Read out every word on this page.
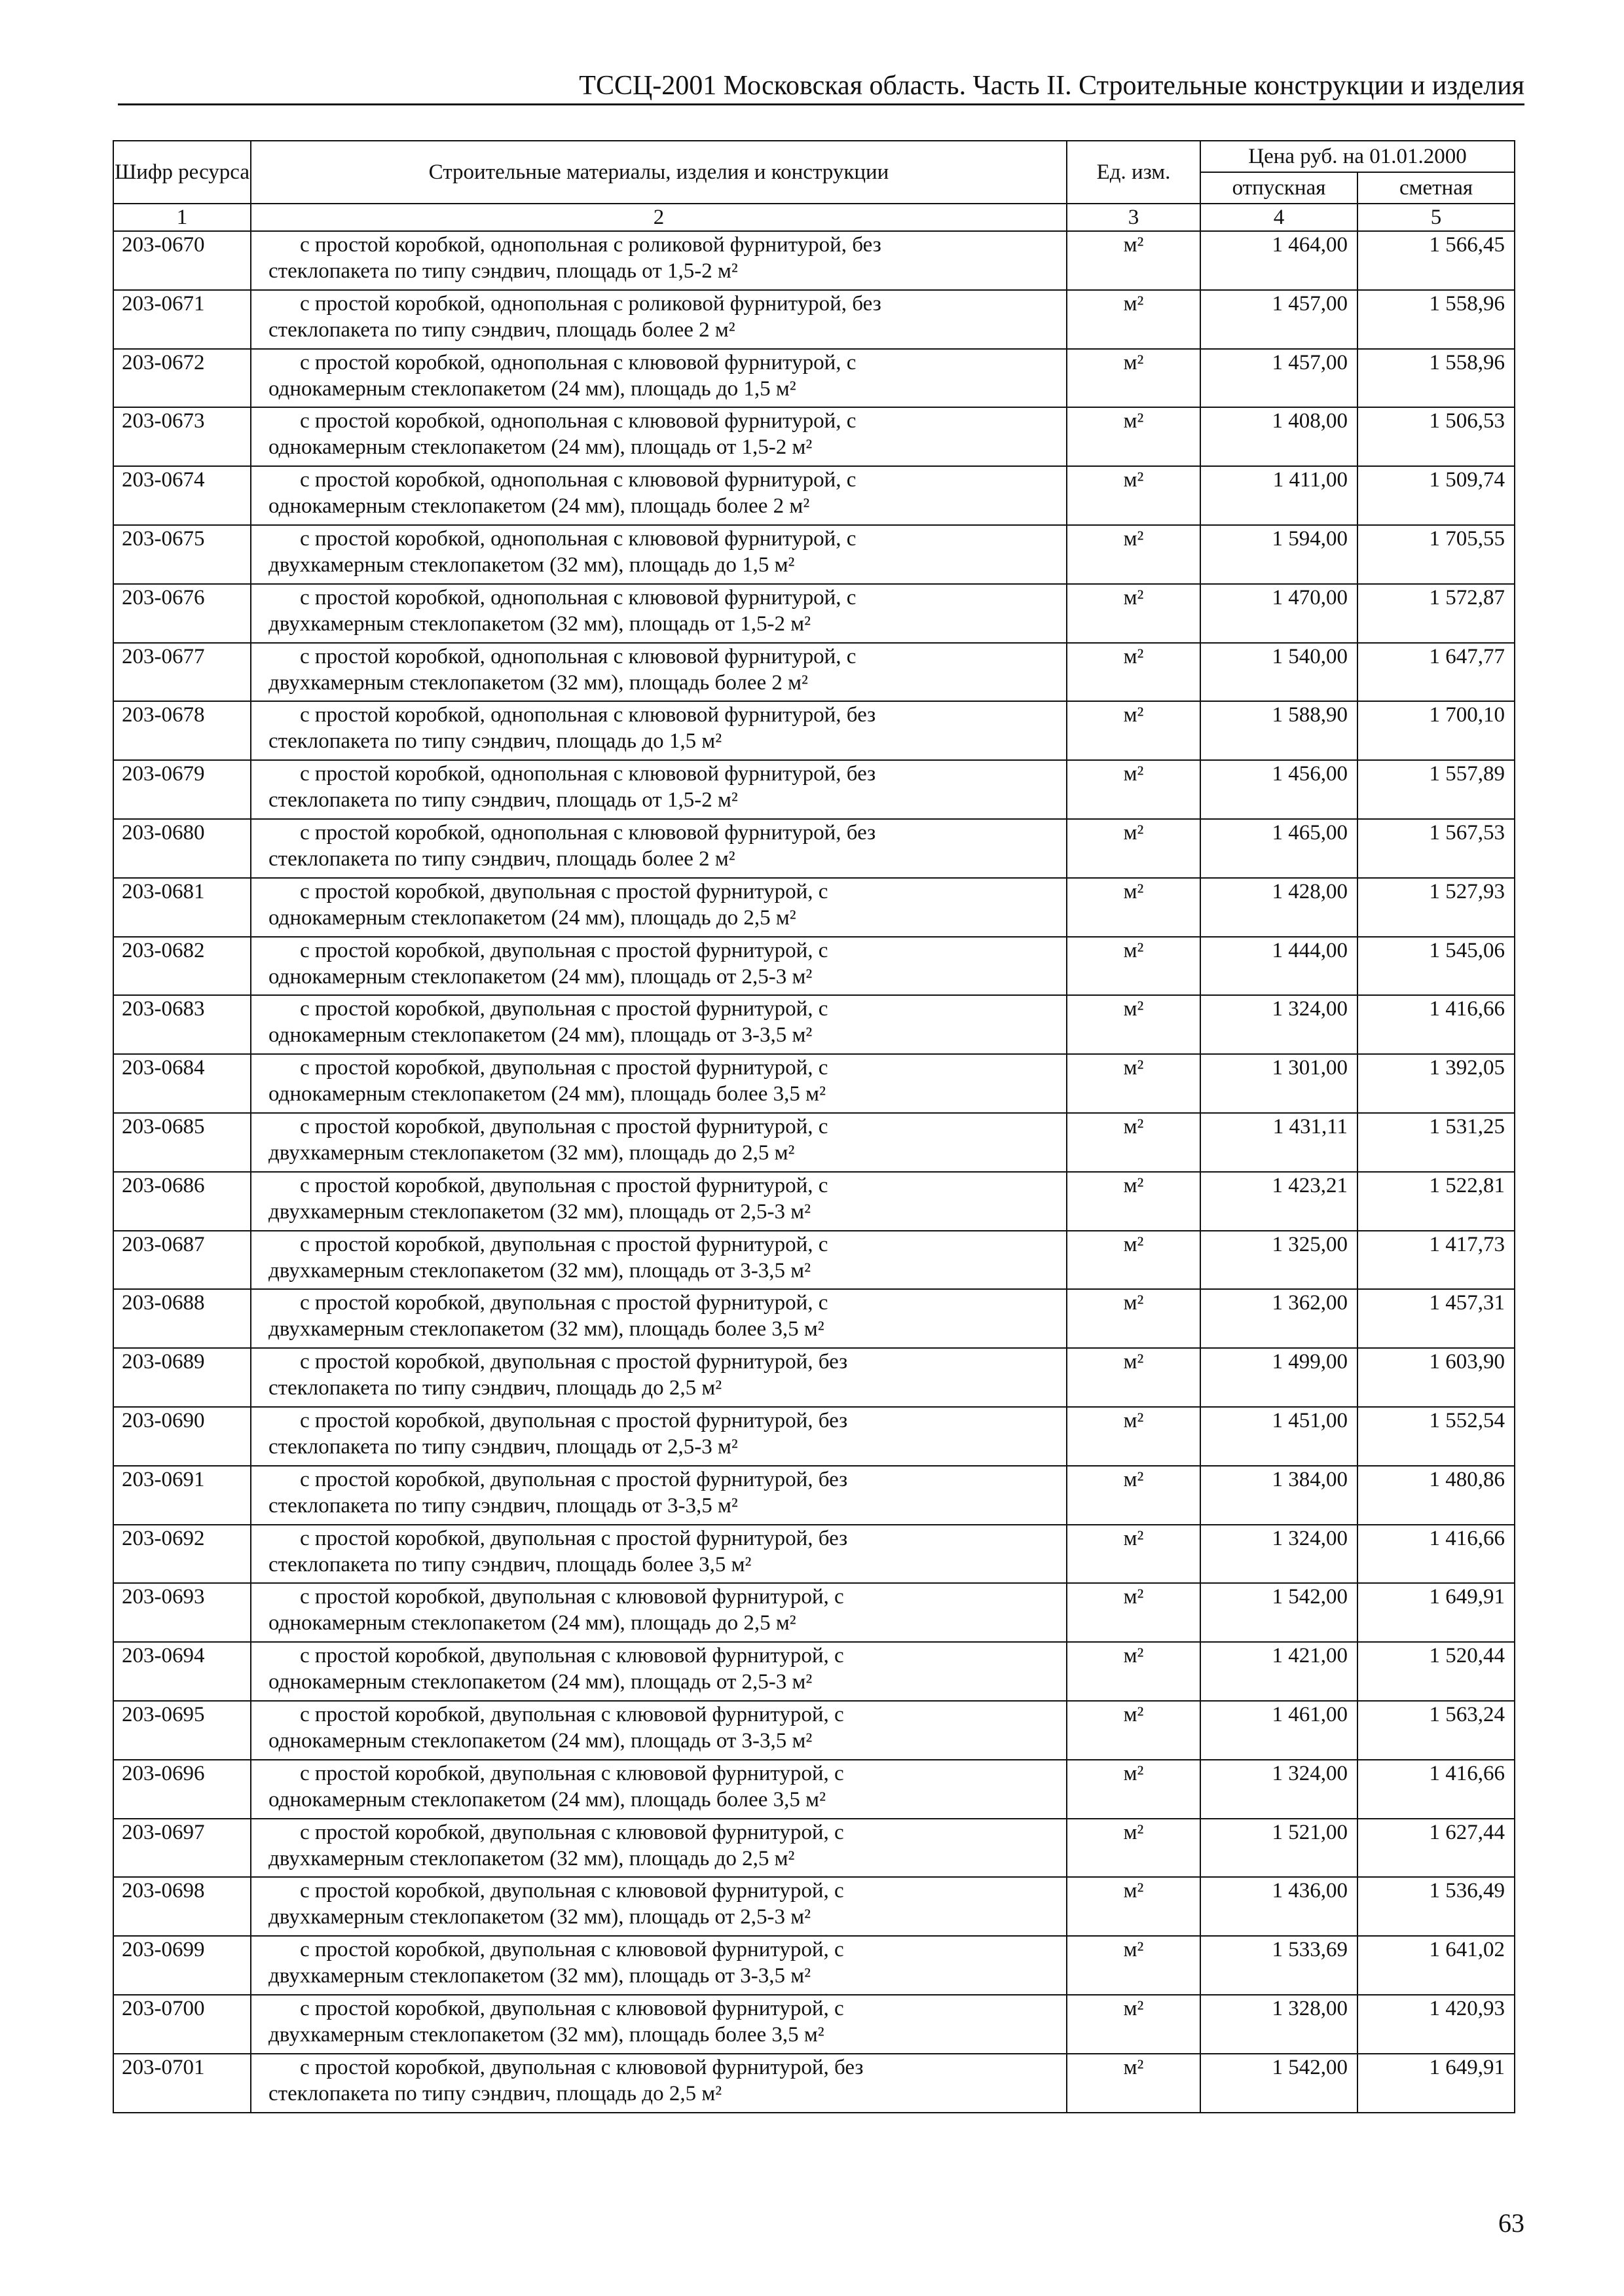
ТССЦ-2001 Московская область. Часть II. Строительные конструкции и изделия
Шифр ресурса	Строительные материалы, изделия и конструкции	Ед. изм.	Цена руб. на 01.01.2000	
			отпускная	сметная
1	2	3	4	5
203-0670	с простой коробкой, однопольная с роликовой фурнитурой, без
стеклопакета по типу сэндвич, площадь от 1,5-2 м²	м²	1 464,00	1 566,45
203-0671	с простой коробкой, однопольная с роликовой фурнитурой, без
стеклопакета по типу сэндвич, площадь более 2 м²	м²	1 457,00	1 558,96
203-0672	с простой коробкой, однопольная с клювовой фурнитурой, с
однокамерным стеклопакетом (24 мм), площадь до 1,5 м²	м²	1 457,00	1 558,96
203-0673	с простой коробкой, однопольная с клювовой фурнитурой, с
однокамерным стеклопакетом (24 мм), площадь от 1,5-2 м²	м²	1 408,00	1 506,53
203-0674	с простой коробкой, однопольная с клювовой фурнитурой, с
однокамерным стеклопакетом (24 мм), площадь более 2 м²	м²	1 411,00	1 509,74
203-0675	с простой коробкой, однопольная с клювовой фурнитурой, с
двухкамерным стеклопакетом (32 мм), площадь до 1,5 м²	м²	1 594,00	1 705,55
203-0676	с простой коробкой, однопольная с клювовой фурнитурой, с
двухкамерным стеклопакетом (32 мм), площадь от 1,5-2 м²	м²	1 470,00	1 572,87
203-0677	с простой коробкой, однопольная с клювовой фурнитурой, с
двухкамерным стеклопакетом (32 мм), площадь более 2 м²	м²	1 540,00	1 647,77
203-0678	с простой коробкой, однопольная с клювовой фурнитурой, без
стеклопакета по типу сэндвич, площадь до 1,5 м²	м²	1 588,90	1 700,10
203-0679	с простой коробкой, однопольная с клювовой фурнитурой, без
стеклопакета по типу сэндвич, площадь от 1,5-2 м²	м²	1 456,00	1 557,89
203-0680	с простой коробкой, однопольная с клювовой фурнитурой, без
стеклопакета по типу сэндвич, площадь более 2 м²	м²	1 465,00	1 567,53
203-0681	с простой коробкой, двупольная с простой фурнитурой, с
однокамерным стеклопакетом (24 мм), площадь до 2,5 м²	м²	1 428,00	1 527,93
203-0682	с простой коробкой, двупольная с простой фурнитурой, с
однокамерным стеклопакетом (24 мм), площадь от 2,5-3 м²	м²	1 444,00	1 545,06
203-0683	с простой коробкой, двупольная с простой фурнитурой, с
однокамерным стеклопакетом (24 мм), площадь от 3-3,5 м²	м²	1 324,00	1 416,66
203-0684	с простой коробкой, двупольная с простой фурнитурой, с
однокамерным стеклопакетом (24 мм), площадь более 3,5 м²	м²	1 301,00	1 392,05
203-0685	с простой коробкой, двупольная с простой фурнитурой, с
двухкамерным стеклопакетом (32 мм), площадь до 2,5 м²	м²	1 431,11	1 531,25
203-0686	с простой коробкой, двупольная с простой фурнитурой, с
двухкамерным стеклопакетом (32 мм), площадь от 2,5-3 м²	м²	1 423,21	1 522,81
203-0687	с простой коробкой, двупольная с простой фурнитурой, с
двухкамерным стеклопакетом (32 мм), площадь от 3-3,5 м²	м²	1 325,00	1 417,73
203-0688	с простой коробкой, двупольная с простой фурнитурой, с
двухкамерным стеклопакетом (32 мм), площадь более 3,5 м²	м²	1 362,00	1 457,31
203-0689	с простой коробкой, двупольная с простой фурнитурой, без
стеклопакета по типу сэндвич, площадь до 2,5 м²	м²	1 499,00	1 603,90
203-0690	с простой коробкой, двупольная с простой фурнитурой, без
стеклопакета по типу сэндвич, площадь от 2,5-3 м²	м²	1 451,00	1 552,54
203-0691	с простой коробкой, двупольная с простой фурнитурой, без
стеклопакета по типу сэндвич, площадь от 3-3,5 м²	м²	1 384,00	1 480,86
203-0692	с простой коробкой, двупольная с простой фурнитурой, без
стеклопакета по типу сэндвич, площадь более 3,5 м²	м²	1 324,00	1 416,66
203-0693	с простой коробкой, двупольная с клювовой фурнитурой, с
однокамерным стеклопакетом (24 мм), площадь до 2,5 м²	м²	1 542,00	1 649,91
203-0694	с простой коробкой, двупольная с клювовой фурнитурой, с
однокамерным стеклопакетом (24 мм), площадь от 2,5-3 м²	м²	1 421,00	1 520,44
203-0695	с простой коробкой, двупольная с клювовой фурнитурой, с
однокамерным стеклопакетом (24 мм), площадь от 3-3,5 м²	м²	1 461,00	1 563,24
203-0696	с простой коробкой, двупольная с клювовой фурнитурой, с
однокамерным стеклопакетом (24 мм), площадь более 3,5 м²	м²	1 324,00	1 416,66
203-0697	с простой коробкой, двупольная с клювовой фурнитурой, с
двухкамерным стеклопакетом (32 мм), площадь до 2,5 м²	м²	1 521,00	1 627,44
203-0698	с простой коробкой, двупольная с клювовой фурнитурой, с
двухкамерным стеклопакетом (32 мм), площадь от 2,5-3 м²	м²	1 436,00	1 536,49
203-0699	с простой коробкой, двупольная с клювовой фурнитурой, с
двухкамерным стеклопакетом (32 мм), площадь от 3-3,5 м²	м²	1 533,69	1 641,02
203-0700	с простой коробкой, двупольная с клювовой фурнитурой, с
двухкамерным стеклопакетом (32 мм), площадь более 3,5 м²	м²	1 328,00	1 420,93
203-0701	с простой коробкой, двупольная с клювовой фурнитурой, без
стеклопакета по типу сэндвич, площадь до 2,5 м²	м²	1 542,00	1 649,91
63
